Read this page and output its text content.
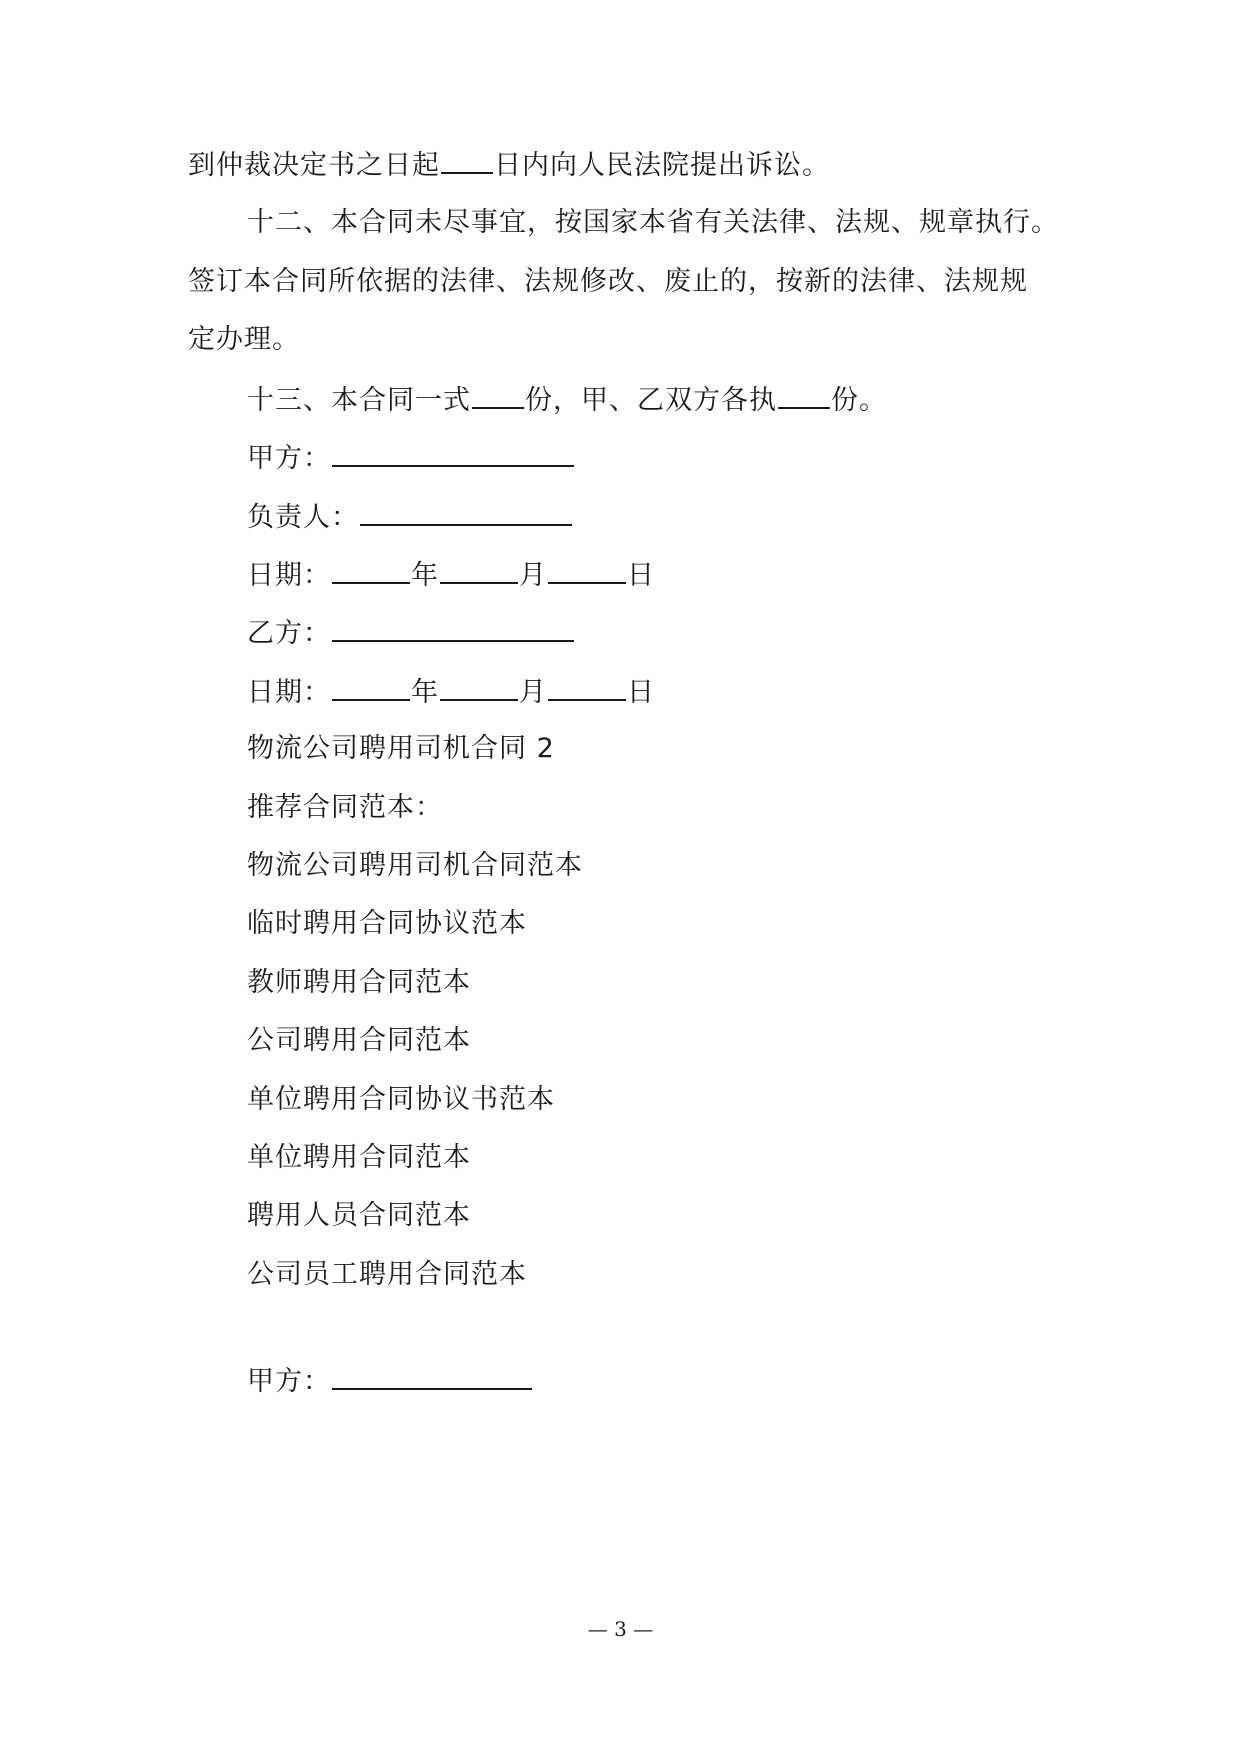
到仲裁决定书之日起 日内向人民法院提出诉讼。
十二、本合同未尽事宜，按国家本省有关法律、法规、规章执行。
签订本合同所依据的法律、法规修改、废止的，按新的法律、法规规
定办理。
十三、本合同一式 份，甲、乙双方各执 份。
甲方：
负责人：
日期：	年	月	日
乙方：
日期：	年	月	日
物流公司聘用司机合同 2
推荐合同范本：
物流公司聘用司机合同范本
临时聘用合同协议范本
教师聘用合同范本
公司聘用合同范本
单位聘用合同协议书范本
单位聘用合同范本
聘用人员合同范本
公司员工聘用合同范本
甲方：
— 3 —
